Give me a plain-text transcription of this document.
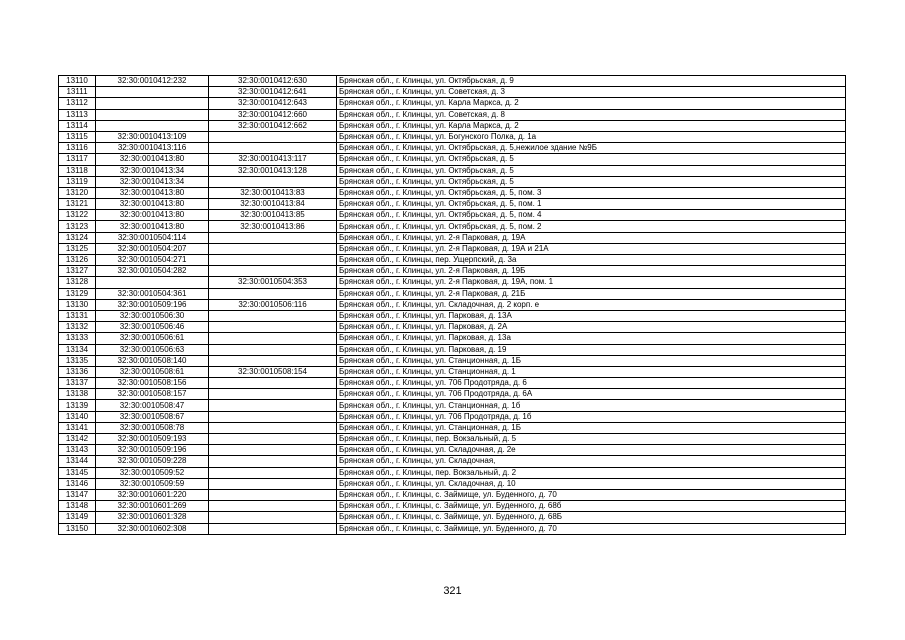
13110	32:30:0010412:232	32:30:0010412:630	Брянская обл., г. Клинцы, ул. Октябрьская, д. 9
13111		32:30:0010412:641	Брянская обл., г. Клинцы, ул. Советская, д. 3
13112		32:30:0010412:643	Брянская обл., г. Клинцы, ул. Карла Маркса, д. 2
13113		32:30:0010412:660	Брянская обл., г. Клинцы, ул. Советская, д. 8
13114		32:30:0010412:662	Брянская обл., г. Клинцы, ул. Карла Маркса, д. 2
13115	32:30:0010413:109		Брянская обл., г. Клинцы, ул. Богунского Полка, д. 1а
13116	32:30:0010413:116		Брянская обл., г. Клинцы, ул. Октябрьская, д. 5,нежилое здание №9Б
13117	32:30:0010413:80	32:30:0010413:117	Брянская обл., г. Клинцы, ул. Октябрьская, д. 5
13118	32:30:0010413:34	32:30:0010413:128	Брянская обл., г. Клинцы, ул. Октябрьская, д. 5
13119	32:30:0010413:34		Брянская обл., г. Клинцы, ул. Октябрьская, д. 5
13120	32:30:0010413:80	32:30:0010413:83	Брянская обл., г. Клинцы, ул. Октябрьская, д. 5, пом. 3
13121	32:30:0010413:80	32:30:0010413:84	Брянская обл., г. Клинцы, ул. Октябрьская, д. 5, пом. 1
13122	32:30:0010413:80	32:30:0010413:85	Брянская обл., г. Клинцы, ул. Октябрьская, д. 5, пом. 4
13123	32:30:0010413:80	32:30:0010413:86	Брянская обл., г. Клинцы, ул. Октябрьская, д. 5, пом. 2
13124	32:30:0010504:114		Брянская обл., г. Клинцы, ул. 2-я Парковая, д. 19А
13125	32:30:0010504:207		Брянская обл., г. Клинцы, ул. 2-я Парковая, д. 19А и 21А
13126	32:30:0010504:271		Брянская обл., г. Клинцы, пер. Ущерпский, д. 3а
13127	32:30:0010504:282		Брянская обл., г. Клинцы, ул. 2-я Парковая, д. 19Б
13128		32:30:0010504:353	Брянская обл., г. Клинцы, ул. 2-я Парковая, д. 19А, пом. 1
13129	32:30:0010504:361		Брянская обл., г. Клинцы, ул. 2-я Парковая, д. 21Б
13130	32:30:0010509:196	32:30:0010506:116	Брянская обл., г. Клинцы, ул. Складочная, д. 2 корп. е
13131	32:30:0010506:30		Брянская обл., г. Клинцы, ул. Парковая, д. 13А
13132	32:30:0010506:46		Брянская обл., г. Клинцы, ул. Парковая, д. 2А
13133	32:30:0010506:61		Брянская обл., г. Клинцы, ул. Парковая, д. 13а
13134	32:30:0010506:63		Брянская обл., г. Клинцы, ул. Парковая, д. 19
13135	32:30:0010508:140		Брянская обл., г. Клинцы, ул. Станционная, д. 1Б
13136	32:30:0010508:61	32:30:0010508:154	Брянская обл., г. Клинцы, ул. Станционная, д. 1
13137	32:30:0010508:156		Брянская обл., г. Клинцы, ул. 706 Продотряда, д. 6
13138	32:30:0010508:157		Брянская обл., г. Клинцы, ул. 706 Продотряда, д. 6А
13139	32:30:0010508:47		Брянская обл., г. Клинцы, ул. Станционная, д. 1б
13140	32:30:0010508:67		Брянская обл., г. Клинцы, ул. 706 Продотряда, д. 1б
13141	32:30:0010508:78		Брянская обл., г. Клинцы, ул. Станционная, д. 1Б
13142	32:30:0010509:193		Брянская обл., г. Клинцы, пер. Вокзальный, д. 5
13143	32:30:0010509:196		Брянская обл., г. Клинцы, ул. Складочная, д. 2е
13144	32:30:0010509:228		Брянская обл., г. Клинцы, ул. Складочная,
13145	32:30:0010509:52		Брянская обл., г. Клинцы, пер. Вокзальный, д. 2
13146	32:30:0010509:59		Брянская обл., г. Клинцы, ул. Складочная, д. 10
13147	32:30:0010601:220		Брянская обл., г. Клинцы, с. Займище, ул. Буденного, д. 70
13148	32:30:0010601:269		Брянская обл., г. Клинцы, с. Займище, ул. Буденного, д. 68б
13149	32:30:0010601:328		Брянская обл., г. Клинцы, с. Займище, ул. Буденного, д. 68Б
13150	32:30:0010602:308		Брянская обл., г. Клинцы, с. Займище, ул. Буденного, д. 70
321
